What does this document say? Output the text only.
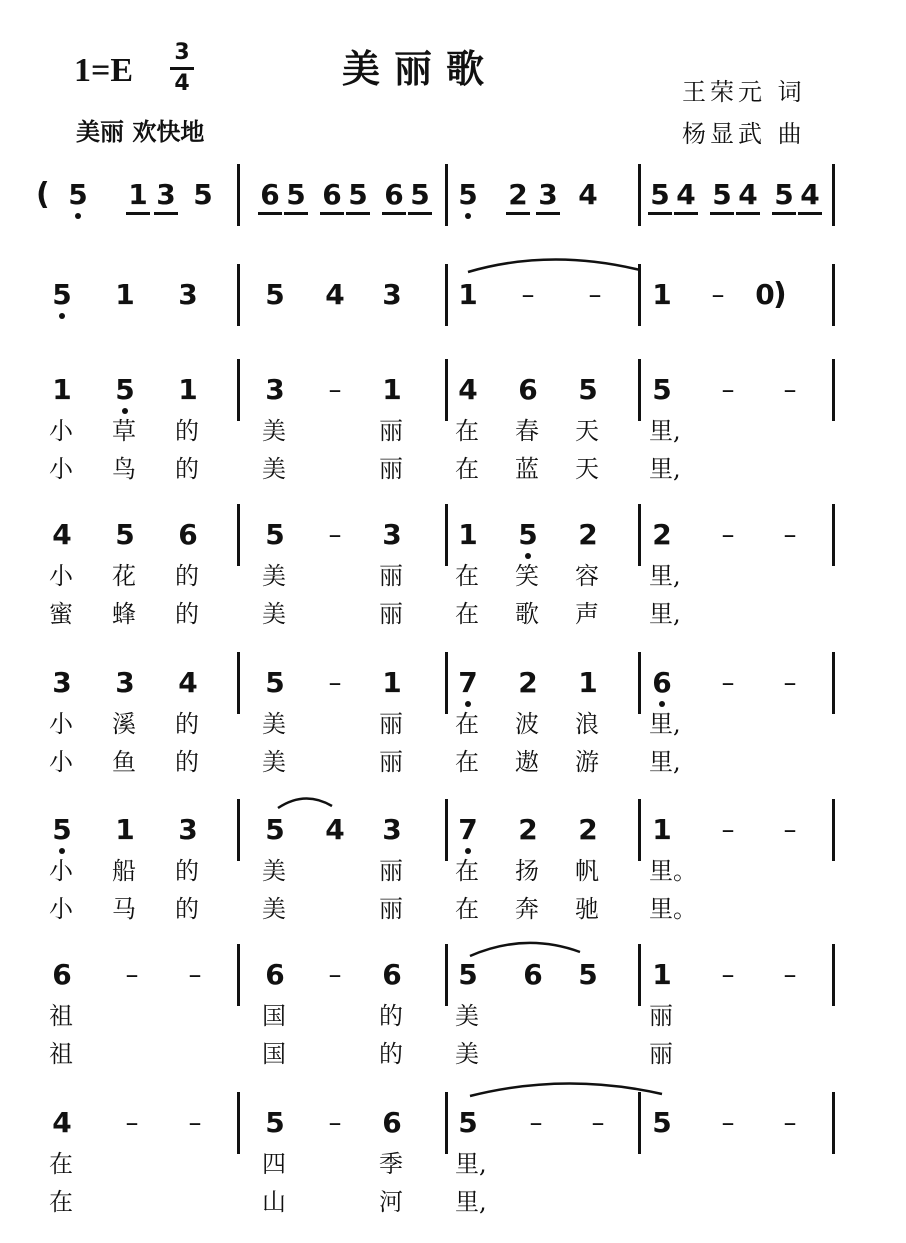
1=E 3
4	美丽歌
美丽 欢快地
王荣元 词
杨显武 曲
( 5 1 3 5 6 5 6 5 6 5 5 2 3 4 5 4 5 4 5 4
5 1 3 5 4 3 1 – – 1 – 0
)
1 5 1 3 – 1 4 6 5 5 – –
小 草 的	美	丽 在 春 天 里,
小 鸟 的	美	丽 在 蓝 天 里,
4 5 6 5 – 3 1 5 2 2 – –
小 花 的	美	丽 在 笑 容 里,
蜜 蜂 的	美	丽 在 歌 声 里,
3 3 4 5 – 1 7 2 1 6 – –
小 溪 的	美	丽 在 波 浪 里,
小 鱼 的	美	丽 在 遨 游 里,
5 1 3 5 4 3 7 2 2 1 – –
小 船 的	美	丽 在 扬 帆 里。
小 马 的	美	丽 在 奔 驰 里。
6 – – 6 – 6 5 6 5 1 – –
祖	国	的 美	丽
祖	国	的 美	丽
4 – – 5 – 6 5 – – 5 – –
在	四	季 里,
在	山	河 里,
